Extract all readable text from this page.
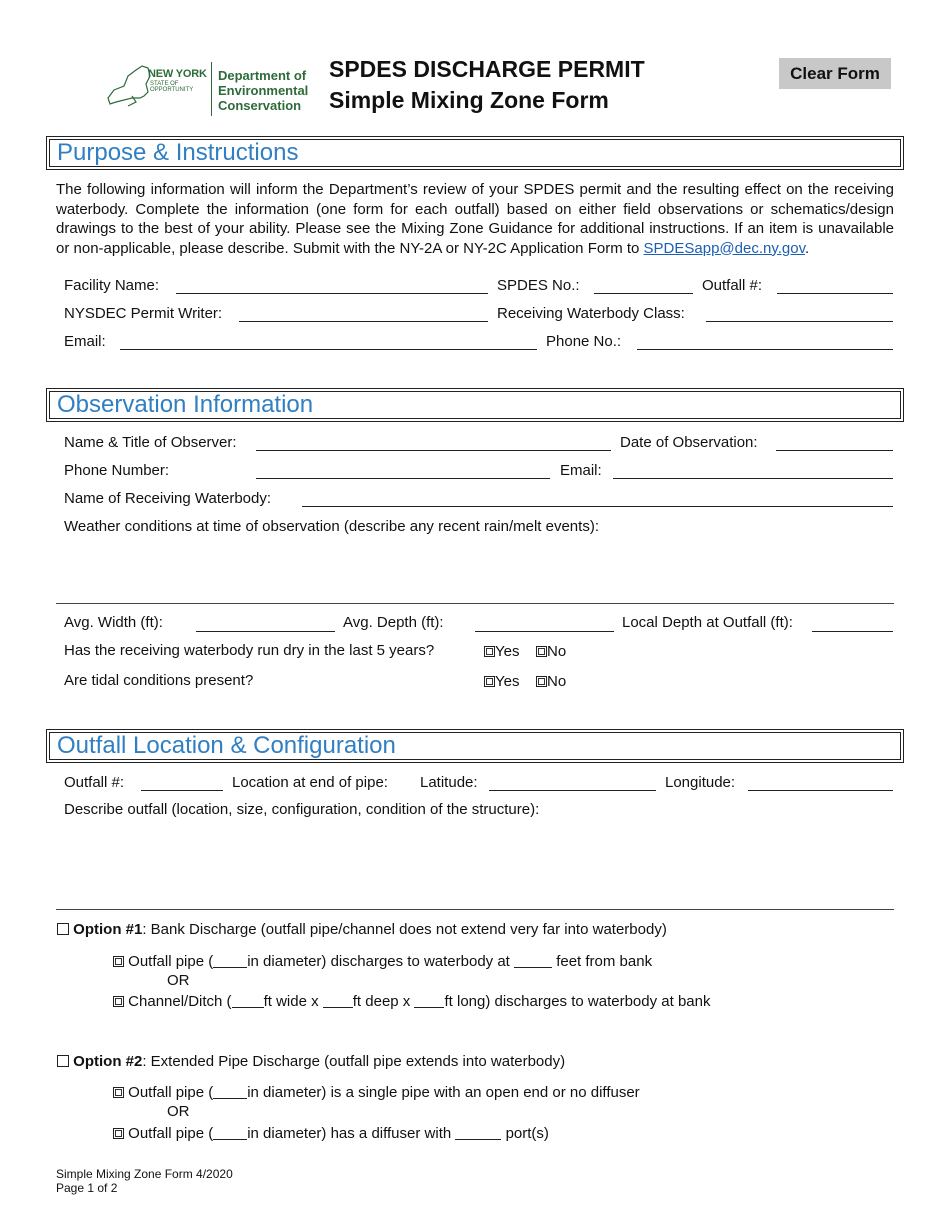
NEW YORK
STATE OF
OPPORTUNITY
Department of
Environmental
Conservation
SPDES DISCHARGE PERMIT
Simple Mixing Zone Form
Clear Form
Purpose & Instructions
The following information will inform the Department’s review of your SPDES permit and the resulting effect on the receiving waterbody. Complete the information (one form for each outfall) based on either field observations or schematics/design drawings to the best of your ability. Please see the Mixing Zone Guidance for additional instructions. If an item is unavailable or non-applicable, please describe. Submit with the NY-2A or NY-2C Application Form to SPDESapp@dec.ny.gov.
Facility Name:	SPDES No.:	Outfall #:
NYSDEC Permit Writer:	Receiving Waterbody Class:
Email:	Phone No.:
Observation Information
Name & Title of Observer:	Date of Observation:
Phone Number:	Email:
Name of Receiving Waterbody:
Weather conditions at time of observation (describe any recent rain/melt events):
Avg. Width (ft):	Avg. Depth (ft):	Local Depth at Outfall (ft):
Has the receiving waterbody run dry in the last 5 years?	Yes	No
Are tidal conditions present?	Yes	No
Outfall Location & Configuration
Outfall #:	Location at end of pipe: Latitude:	Longitude:
Describe outfall (location, size, configuration, condition of the structure):
Option #1: Bank Discharge (outfall pipe/channel does not extend very far into waterbody)
Outfall pipe ( in diameter) discharges to waterbody at	feet from bank
OR
Channel/Ditch ( ft wide x ft deep x ft long) discharges to waterbody at bank
Option #2: Extended Pipe Discharge (outfall pipe extends into waterbody)
Outfall pipe ( in diameter) is a single pipe with an open end or no diffuser
OR
Outfall pipe ( in diameter) has a diffuser with	port(s)
Simple Mixing Zone Form 4/2020
Page 1 of 2
